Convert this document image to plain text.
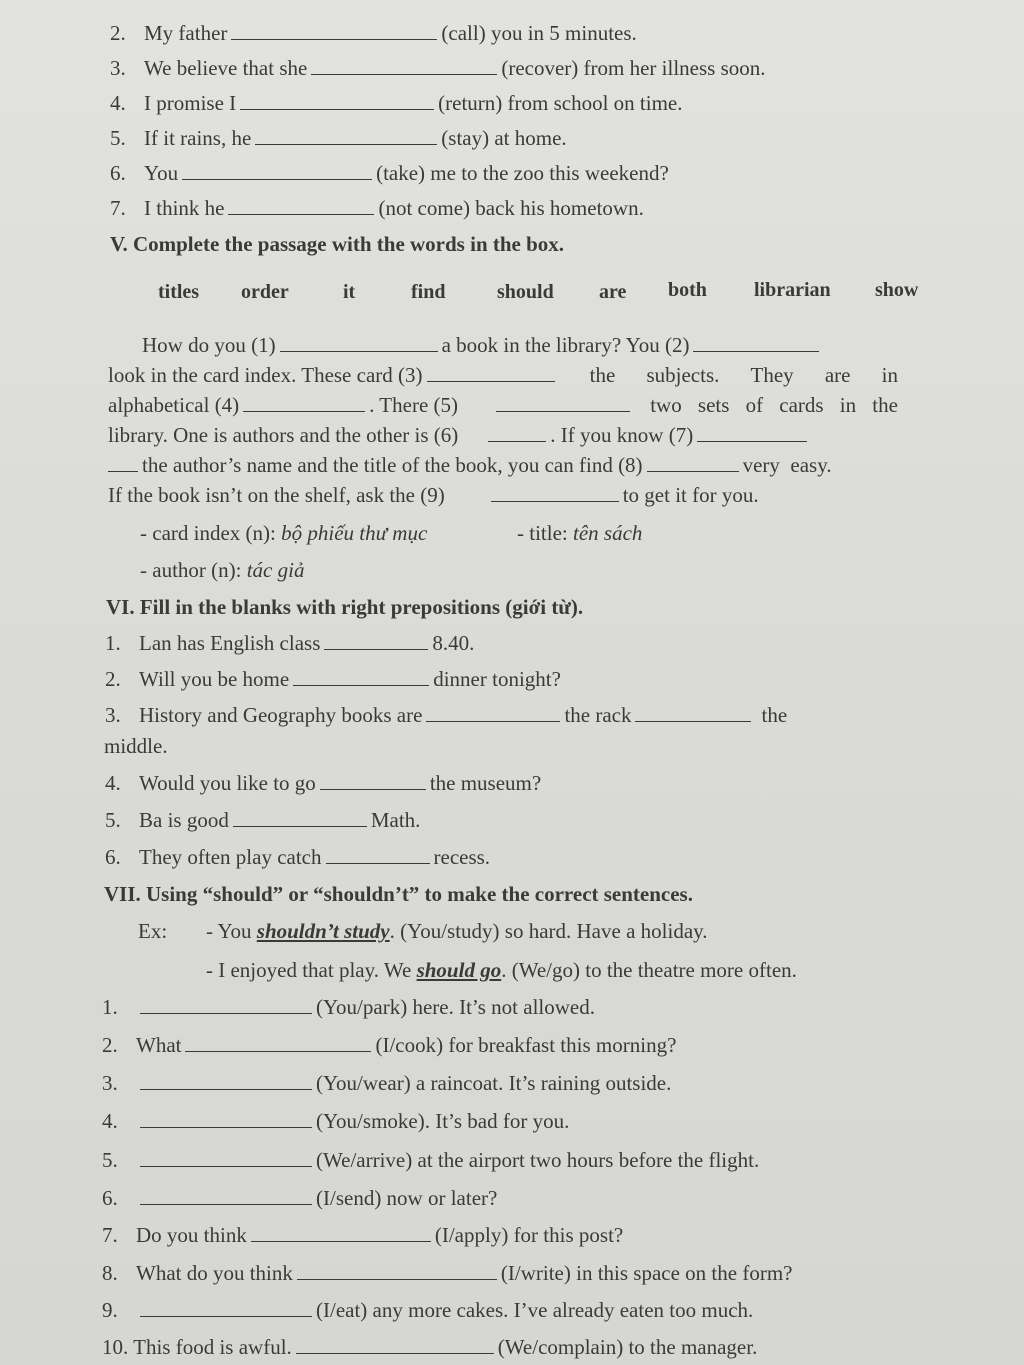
2. My father	(call) you in 5 minutes.
3. We believe that she	(recover) from her illness soon.
4. I promise I	(return) from school on time.
5. If it rains, he	(stay) at home.
6. You	(take) me to the zoo this weekend?
7. I think he	(not come) back his hometown.
V. Complete the passage with the words in the box.
titles order	it	find	should are both librarian show
How do you (1)	a book in the library? You (2)
look in the card index. These card (3)	the subjects. They are in
alphabetical (4)	. There (5)	two sets of cards in the
library. One is authors and the other is (6)	. If you know (7)
the author’s name and the title of the book, you can find (8)	very easy.
If the book isn’t on the shelf, ask the (9)	to get it for you.
- card index (n): bộ phiếu thư mục	- title: tên sách
- author (n): tác giả
VI. Fill in the blanks with right prepositions (giới từ).
1. Lan has English class	8.40.
2. Will you be home	dinner tonight?
3. History and Geography books are	the rack	the
middle.
4. Would you like to go	the museum?
5. Ba is good	Math.
6. They often play catch	recess.
VII. Using “should” or “shouldn’t” to make the correct sentences.
Ex: - You shouldn’t study. (You/study) so hard. Have a holiday.
- I enjoyed that play. We should go. (We/go) to the theatre more often.
1.	(You/park) here. It’s not allowed.
2. What	(I/cook) for breakfast this morning?
3.	(You/wear) a raincoat. It’s raining outside.
4.	(You/smoke). It’s bad for you.
5.	(We/arrive) at the airport two hours before the flight.
6.	(I/send) now or later?
7. Do you think	(I/apply) for this post?
8. What do you think	(I/write) in this space on the form?
9.	(I/eat) any more cakes. I’ve already eaten too much.
10. This food is awful.	(We/complain) to the manager.
